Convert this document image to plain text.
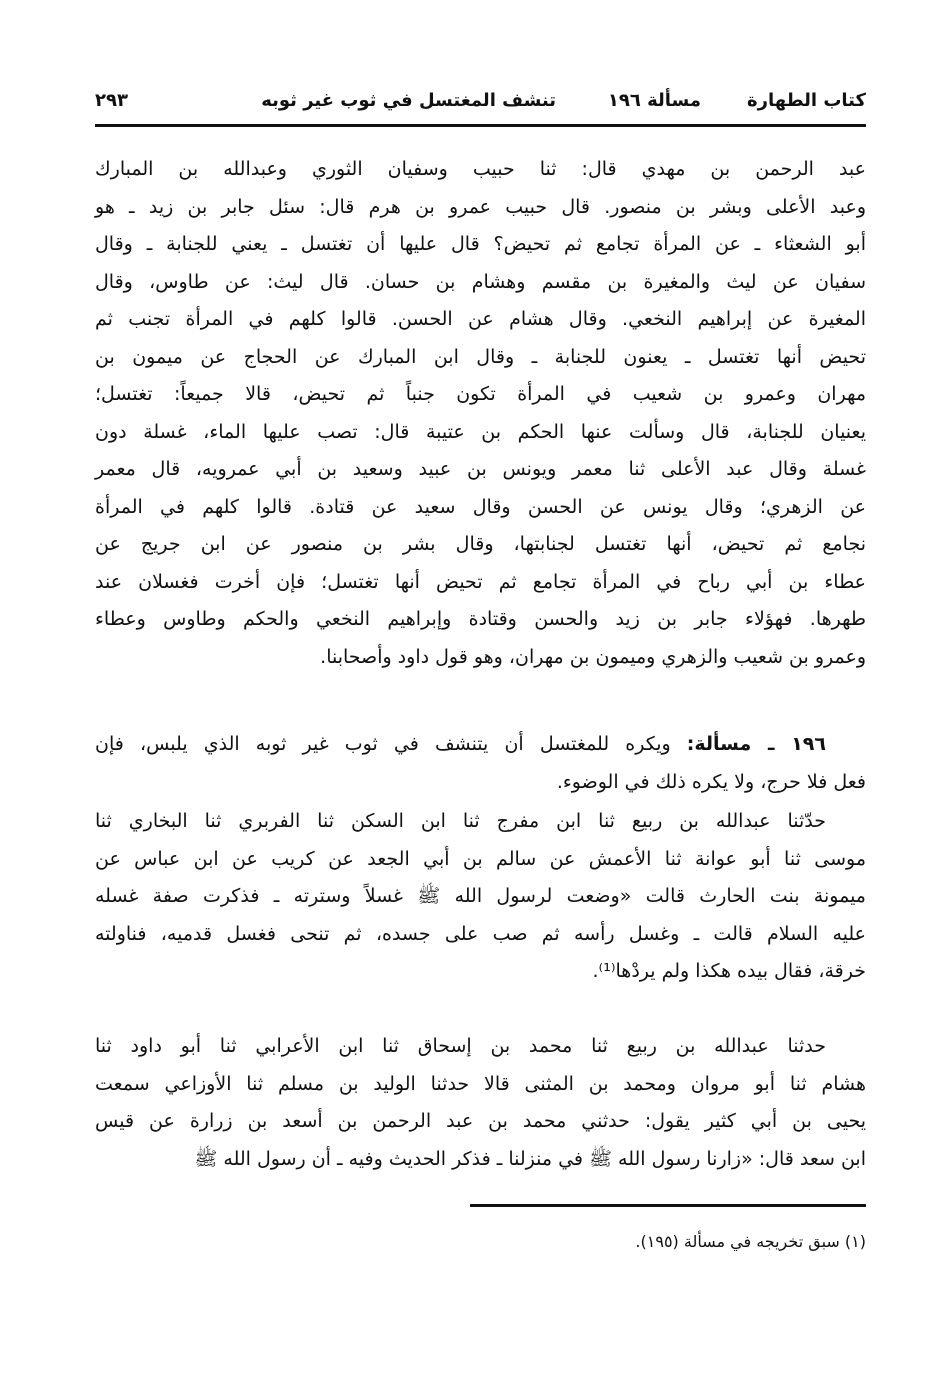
كتاب الطهارة
مسألة ١٩٦
تنشف المغتسل في ثوب غير ثوبه
٢٩٣
عبد الرحمن بن مهدي قال: ثنا حبيب وسفيان الثوري وعبدالله بن المبارك
وعبد الأعلى وبشر بن منصور. قال حبيب عمرو بن هرم قال: سئل جابر بن زيد ـ هو
أبو الشعثاء ـ عن المرأة تجامع ثم تحيض؟ قال عليها أن تغتسل ـ يعني للجنابة ـ وقال
سفيان عن ليث والمغيرة بن مقسم وهشام بن حسان. قال ليث: عن طاوس، وقال
المغيرة عن إبراهيم النخعي. وقال هشام عن الحسن. قالوا كلهم في المرأة تجنب ثم
تحيض أنها تغتسل ـ يعنون للجنابة ـ وقال ابن المبارك عن الحجاج عن ميمون بن
مهران وعمرو بن شعيب في المرأة تكون جنباً ثم تحيض، قالا جميعاً: تغتسل؛
يعنيان للجنابة، قال وسألت عنها الحكم بن عتيبة قال: تصب عليها الماء، غسلة دون
غسلة وقال عبد الأعلى ثنا معمر ويونس بن عبيد وسعيد بن أبي عمرويه، قال معمر
عن الزهري؛ وقال يونس عن الحسن وقال سعيد عن قتادة. قالوا كلهم في المرأة
نجامع ثم تحيض، أنها تغتسل لجنابتها، وقال بشر بن منصور عن ابن جريج عن
عطاء بن أبي رباح في المرأة تجامع ثم تحيض أنها تغتسل؛ فإن أخرت فغسلان عند
طهرها. فهؤلاء جابر بن زيد والحسن وقتادة وإبراهيم النخعي والحكم وطاوس وعطاء
وعمرو بن شعيب والزهري وميمون بن مهران، وهو قول داود وأصحابنا.
١٩٦ ـ مسألة: ويكره للمغتسل أن يتنشف في ثوب غير ثوبه الذي يلبس، فإن
فعل فلا حرج، ولا يكره ذلك في الوضوء.
حدّثنا عبدالله بن ربيع ثنا ابن مفرج ثنا ابن السكن ثنا الفربري ثنا البخاري ثنا
موسى ثنا أبو عوانة ثنا الأعمش عن سالم بن أبي الجعد عن كريب عن ابن عباس عن
ميمونة بنت الحارث قالت «وضعت لرسول الله ﷺ غسلاً وسترته ـ فذكرت صفة غسله
عليه السلام قالت ـ وغسل رأسه ثم صب على جسده، ثم تنحى فغسل قدميه، فناولته
خرقة، فقال بيده هكذا ولم يردْها⁽¹⁾.
حدثنا عبدالله بن ربيع ثنا محمد بن إسحاق ثنا ابن الأعرابي ثنا أبو داود ثنا
هشام ثنا أبو مروان ومحمد بن المثنى قالا حدثنا الوليد بن مسلم ثنا الأوزاعي سمعت
يحيى بن أبي كثير يقول: حدثني محمد بن عبد الرحمن بن أسعد بن زرارة عن قيس
ابن سعد قال: «زارنا رسول الله ﷺ في منزلنا ـ فذكر الحديث وفيه ـ أن رسول الله ﷺ
(١) سبق تخريجه في مسألة (١٩٥).
